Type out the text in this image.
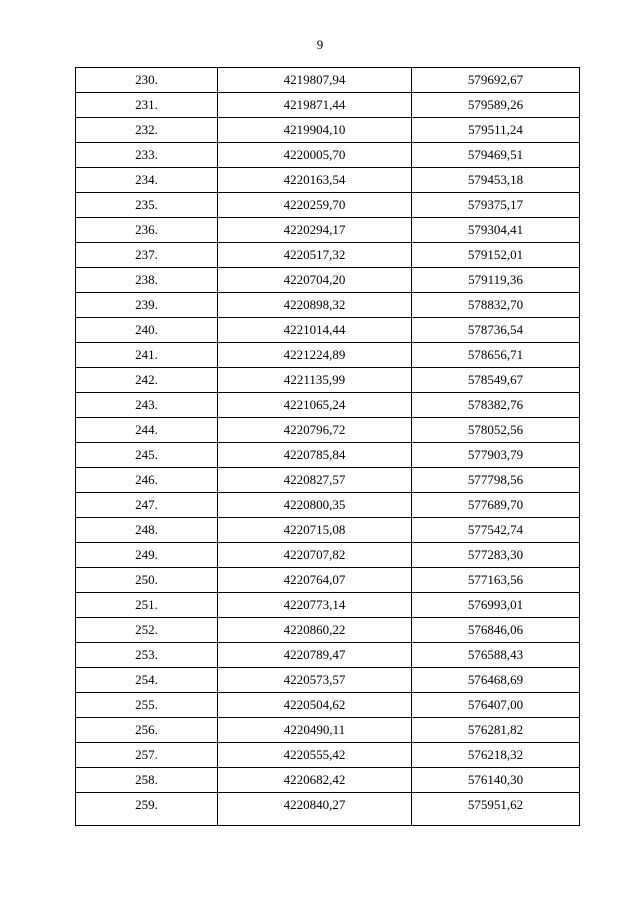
9
230.	4219807,94	579692,67
231.	4219871,44	579589,26
232.	4219904,10	579511,24
233.	4220005,70	579469,51
234.	4220163,54	579453,18
235.	4220259,70	579375,17
236.	4220294,17	579304,41
237.	4220517,32	579152,01
238.	4220704,20	579119,36
239.	4220898,32	578832,70
240.	4221014,44	578736,54
241.	4221224,89	578656,71
242.	4221135,99	578549,67
243.	4221065,24	578382,76
244.	4220796,72	578052,56
245.	4220785,84	577903,79
246.	4220827,57	577798,56
247.	4220800,35	577689,70
248.	4220715,08	577542,74
249.	4220707,82	577283,30
250.	4220764,07	577163,56
251.	4220773,14	576993,01
252.	4220860,22	576846,06
253.	4220789,47	576588,43
254.	4220573,57	576468,69
255.	4220504,62	576407,00
256.	4220490,11	576281,82
257.	4220555,42	576218,32
258.	4220682,42	576140,30
259.	4220840,27	575951,62
